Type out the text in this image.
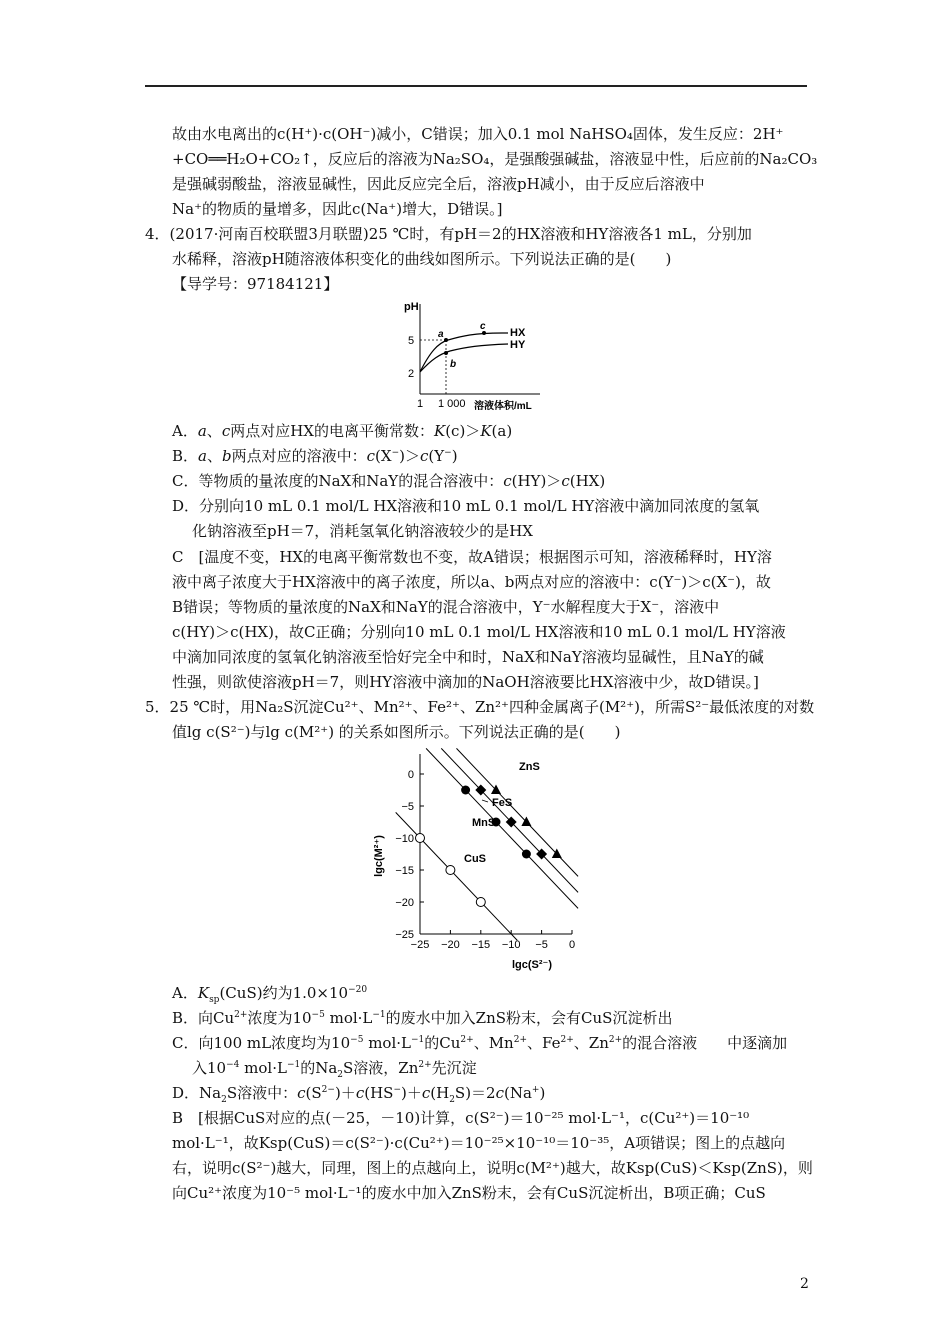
故由水电离出的c(H⁺)·c(OH⁻)减小，C错误；加入0.1 mol NaHSO₄固体，发生反应：2H⁺
+CO══H₂O+CO₂↑，反应后的溶液为Na₂SO₄，是强酸强碱盐，溶液显中性，后应前的Na₂CO₃
是强碱弱酸盐，溶液显碱性，因此反应完全后，溶液pH减小，由于反应后溶液中
Na⁺的物质的量增多，因此c(Na⁺)增大，D错误。]
4．(2017·河南百校联盟3月联盟)25 ℃时，有pH＝2的HX溶液和HY溶液各1 mL，分别加
水稀释，溶液pH随溶液体积变化的曲线如图所示。下列说法正确的是(　　)
【导学号：97184121】
pH
5
2
1 1 000 溶液体积/mL
a
b
c
HX
HY
A．a、c两点对应HX的电离平衡常数：K(c)＞K(a)
B．a、b两点对应的溶液中：c(X−)＞c(Y−)
C．等物质的量浓度的NaX和NaY的混合溶液中：c(HY)＞c(HX)
D．分别向10 mL 0.1 mol/L HX溶液和10 mL 0.1 mol/L HY溶液中滴加同浓度的氢氧
化钠溶液至pH＝7，消耗氢氧化钠溶液较少的是HX
C　[温度不变，HX的电离平衡常数也不变，故A错误；根据图示可知，溶液稀释时，HY溶
液中离子浓度大于HX溶液中的离子浓度，所以a、b两点对应的溶液中：c(Y⁻)＞c(X⁻)，故
B错误；等物质的量浓度的NaX和NaY的混合溶液中，Y⁻水解程度大于X⁻，溶液中
c(HY)＞c(HX)，故C正确；分别向10 mL 0.1 mol/L HX溶液和10 mL 0.1 mol/L HY溶液
中滴加同浓度的氢氧化钠溶液至恰好完全中和时，NaX和NaY溶液均显碱性，且NaY的碱
性强，则欲使溶液pH＝7，则HY溶液中滴加的NaOH溶液要比HX溶液中少，故D错误。]
5．25 ℃时，用Na₂S沉淀Cu²⁺、Mn²⁺、Fe²⁺、Zn²⁺四种金属离子(M²⁺)，所需S²⁻最低浓度的对数
值lg c(S²⁻)与lg c(M²⁺) 的关系如图所示。下列说法正确的是(　　)
lgc(M²⁺)
lgc(S²⁻)
0
−5
−10
−15
−20
−25
−25 −20 −15 −10 −5 0
ZnS
FeS
MnS
CuS
A．$K_{sp}(CuS)$约为$1.0\times 10^{-20}$
B．向$Cu^{2+}$浓度为$10^{-5}$ $mol\cdot L^{-1}$的废水中加入ZnS粉末，会有CuS沉淀析出
C．向100 mL浓度均为$10^{-5}$ $mol\cdot L^{-1}$的$Cu^{2+}$、$Mn^{2+}$、$Fe^{2+}$、$Zn^{2+}$的混合溶液　　中逐滴加
入$10^{-4}$ $mol\cdot L^{-1}$的$Na_2S$溶液，$Zn^{2+}$先沉淀
D．$Na_2S$溶液中：$c(S^{2-})+c(HS^-)+c(H_2S)=2c(Na^+)$
B　[根据CuS对应的点(－25，－10)计算，c(S²⁻)＝10⁻²⁵ mol·L⁻¹，c(Cu²⁺)＝10⁻¹⁰
mol·L⁻¹，故Ksp(CuS)＝c(S²⁻)·c(Cu²⁺)＝10⁻²⁵×10⁻¹⁰＝10⁻³⁵，A项错误；图上的点越向
右，说明c(S²⁻)越大，同理，图上的点越向上，说明c(M²⁺)越大，故Ksp(CuS)＜Ksp(ZnS)，则
向Cu²⁺浓度为10⁻⁵ mol·L⁻¹的废水中加入ZnS粉末，会有CuS沉淀析出，B项正确；CuS
2
